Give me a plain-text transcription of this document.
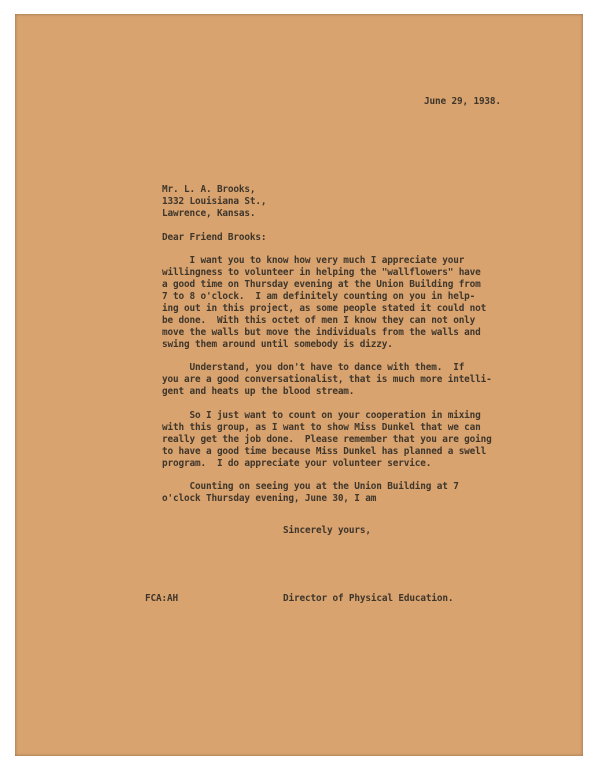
June 29, 1938.
Mr. L. A. Brooks,
1332 Louisiana St.,
Lawrence, Kansas.
Dear Friend Brooks:
I want you to know how very much I appreciate your
willingness to volunteer in helping the "wallflowers" have
a good time on Thursday evening at the Union Building from
7 to 8 o'clock.  I am definitely counting on you in help-
ing out in this project, as some people stated it could not
be done.  With this octet of men I know they can not only
move the walls but move the individuals from the walls and
swing them around until somebody is dizzy.
Understand, you don't have to dance with them.  If
you are a good conversationalist, that is much more intelli-
gent and heats up the blood stream.
So I just want to count on your cooperation in mixing
with this group, as I want to show Miss Dunkel that we can
really get the job done.  Please remember that you are going
to have a good time because Miss Dunkel has planned a swell
program.  I do appreciate your volunteer service.
Counting on seeing you at the Union Building at 7
o'clock Thursday evening, June 30, I am
Sincerely yours,
FCA:AH	Director of Physical Education.
